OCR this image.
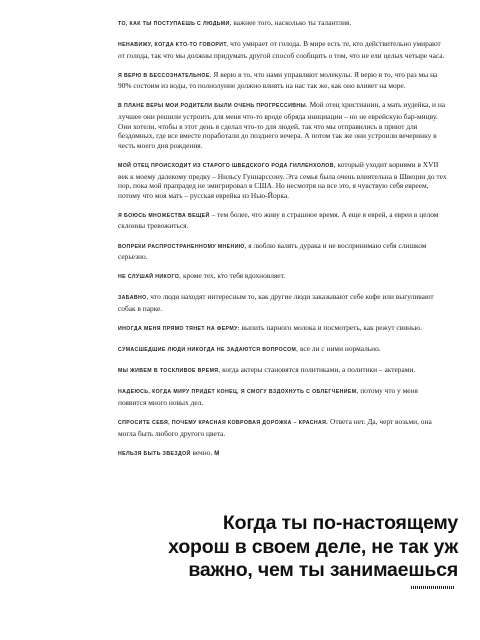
ТО, КАК ТЫ ПОСТУПАЕШЬ С ЛЮДЬМИ, важнее того, насколько ты талантлив.

НЕНАВИЖУ, КОГДА КТО-ТО ГОВОРИТ, что умирает от голода. В мире есть те, кто действительно умирают от голода, так что мы должны придумать другой способ сообщить о том, что не ели целых четыре часа.

Я ВЕРЮ В БЕССОЗНАТЕЛЬНОЕ. Я верю в то, что нами управляют молекулы. Я верю в то, что раз мы на 90% состоим из воды, то полнолуние должно влиять на нас так же, как оно влияет на море.

В ПЛАНЕ ВЕРЫ МОИ РОДИТЕЛИ БЫЛИ ОЧЕНЬ ПРОГРЕССИВНЫ. Мой отец христианин, а мать иудейка, и на лучшее они решили устроить для меня что-то вроде обряда инициации – но не еврейскую бар-мицву. Они хотели, чтобы в этот день я сделал что-то для людей, так что мы отправились в приют для бездомных, где все вместе поработали до позднего вечера. А потом так же они устроили вечеринку в честь моего дня рождения.

МОЙ ОТЕЦ ПРОИСХОДИТ ИЗ СТАРОГО ШВЕДСКОГО РОДА ГИЛЛЕНХОЛОВ, который уходит корнями в XVII век к моему далекому предку – Нильсу Гуннарссону. Эта семья была очень влиятельна в Швеции до тех пор, пока мой прапрадед не эмигрировал в США. Но несмотря на все это, я чувствую себя евреем, потому что моя мать – русская еврейка из Нью-Йорка.

Я БОЮСЬ МНОЖЕСТВА ВЕЩЕЙ – тем более, что живу в страшное время. А еще я еврей, а евреи в целом склонны тревожиться.

ВОПРЕКИ РАСПРОСТРАНЕННОМУ МНЕНИЮ, я люблю валять дурака и не воспринимаю себя слишком серьезно.

НЕ СЛУШАЙ НИКОГО, кроме тех, кто тебя вдохновляет.

ЗАБАВНО, что люди находят интересным то, как другие люди заказывают себе кофе или выгуливают собак в парке.

ИНОГДА МЕНЯ ПРЯМО ТЯНЕТ НА ФЕРМУ: выпить парного молока и посмотреть, как режут свинью.

СУМАСШЕДШИЕ ЛЮДИ НИКОГДА НЕ ЗАДАЮТСЯ ВОПРОСОМ, все ли с ними нормально.

МЫ ЖИВЕМ В ТОСКЛИВОЕ ВРЕМЯ, когда актеры становятся политиками, а политики – актерами.

НАДЕЮСЬ, КОГДА МИРУ ПРИДЕТ КОНЕЦ, Я СМОГУ ВЗДОХНУТЬ С ОБЛЕГЧЕНИЕМ, потому что у меня появится много новых дел.

СПРОСИТЕ СЕБЯ, ПОЧЕМУ КРАСНАЯ КОВРОВАЯ ДОРОЖКА – КРАСНАЯ. Ответа нет. Да, черт возьми, она могла быть любого другого цвета.

НЕЛЬЗЯ БЫТЬ ЗВЕЗДОЙ вечно. M

Когда ты по-настоящему
хорош в своем деле, не так уж
важно, чем ты занимаешься
